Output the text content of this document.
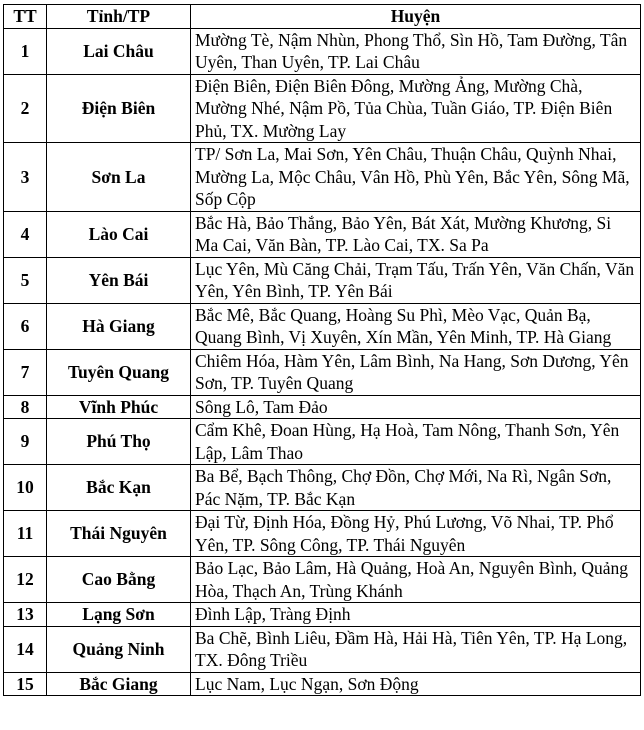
TT	Tỉnh/TP	Huyện
1	Lai Châu	Mường Tè, Nậm Nhùn, Phong Thổ, Sìn Hồ, Tam Đường, Tân Uyên, Than Uyên, TP. Lai Châu
2	Điện Biên	Điện Biên, Điện Biên Đông, Mường Ảng, Mường Chà, Mường Nhé, Nậm Pồ, Tủa Chùa, Tuần Giáo, TP. Điện Biên Phủ, TX. Mường Lay
3	Sơn La	TP/ Sơn La, Mai Sơn, Yên Châu, Thuận Châu, Quỳnh Nhai, Mường La, Mộc Châu, Vân Hồ, Phù Yên, Bắc Yên, Sông Mã, Sốp Cộp
4	Lào Cai	Bắc Hà, Bảo Thắng, Bảo Yên, Bát Xát, Mường Khương, Si Ma Cai, Văn Bàn, TP. Lào Cai, TX. Sa Pa
5	Yên Bái	Lục Yên, Mù Căng Chải, Trạm Tấu, Trấn Yên, Văn Chấn, Văn Yên, Yên Bình, TP. Yên Bái
6	Hà Giang	Bắc Mê, Bắc Quang, Hoàng Su Phì, Mèo Vạc, Quản Bạ, Quang Bình, Vị Xuyên, Xín Mần, Yên Minh, TP. Hà Giang
7	Tuyên Quang	Chiêm Hóa, Hàm Yên, Lâm Bình, Na Hang, Sơn Dương, Yên Sơn, TP. Tuyên Quang
8	Vĩnh Phúc	Sông Lô, Tam Đảo
9	Phú Thọ	Cẩm Khê, Đoan Hùng, Hạ Hoà, Tam Nông, Thanh Sơn, Yên Lập, Lâm Thao
10	Bắc Kạn	Ba Bể, Bạch Thông, Chợ Đồn, Chợ Mới, Na Rì, Ngân Sơn, Pác Nặm, TP. Bắc Kạn
11	Thái Nguyên	Đại Từ, Định Hóa, Đồng Hỷ, Phú Lương, Võ Nhai, TP. Phổ Yên, TP. Sông Công, TP. Thái Nguyên
12	Cao Bằng	Bảo Lạc, Bảo Lâm, Hà Quảng, Hoà An, Nguyên Bình, Quảng Hòa, Thạch An, Trùng Khánh
13	Lạng Sơn	Đình Lập, Tràng Định
14	Quảng Ninh	Ba Chẽ, Bình Liêu, Đầm Hà, Hải Hà, Tiên Yên, TP. Hạ Long, TX. Đông Triều
15	Bắc Giang	Lục Nam, Lục Ngạn, Sơn Động
